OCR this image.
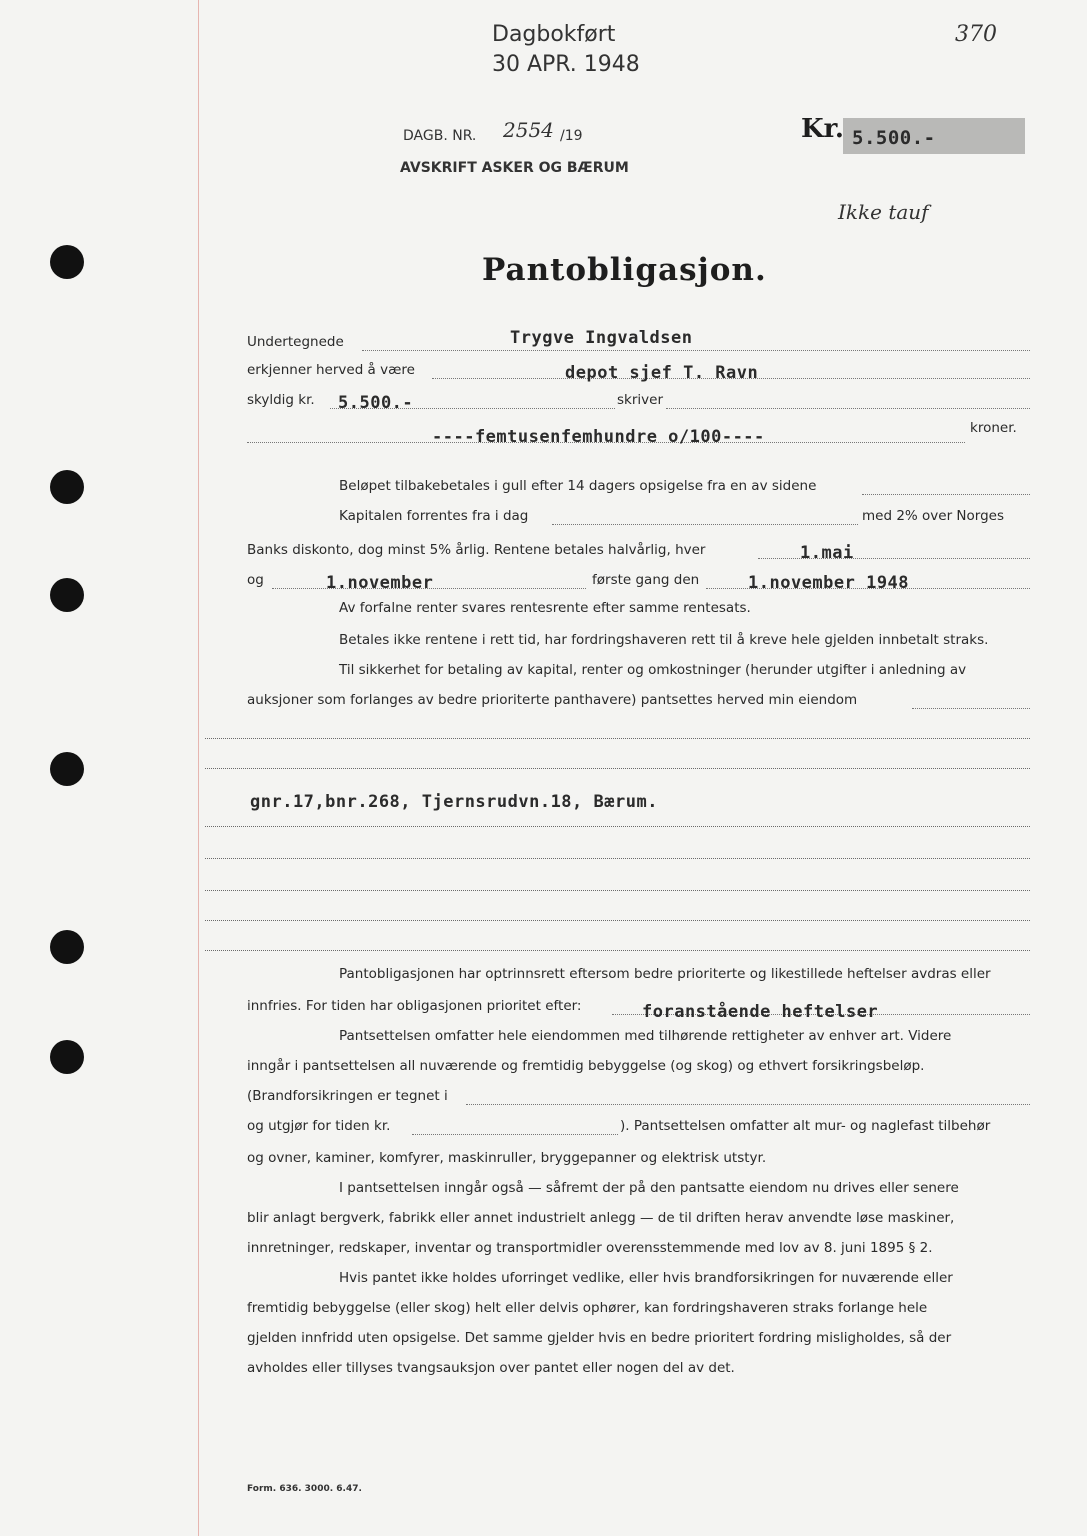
Dagbokført
30 APR. 1948
370
DAGB. NR. 2554 /19
AVSKRIFT ASKER OG BÆRUM
Kr. 5.500.-
Ikke tauf
Pantobligasjon.
Undertegnede	Trygve Ingvaldsen
erkjenner herved å være	depot sjef T. Ravn
skyldig kr. 5.500.-	skriver
----femtusenfemhundre o/100----	kroner.
Beløpet tilbakebetales i gull efter 14 dagers opsigelse fra en av sidene
Kapitalen forrentes fra i dag	med 2% over Norges
Banks diskonto, dog minst 5% årlig. Rentene betales halvårlig, hver	1.mai
og	1.november	første gang den	1.november 1948
Av forfalne renter svares rentesrente efter samme rentesats.
Betales ikke rentene i rett tid, har fordringshaveren rett til å kreve hele gjelden innbetalt straks.
Til sikkerhet for betaling av kapital, renter og omkostninger (herunder utgifter i anledning av
auksjoner som forlanges av bedre prioriterte panthavere) pantsettes herved min eiendom
gnr.17,bnr.268, Tjernsrudvn.18, Bærum.
Pantobligasjonen har optrinnsrett eftersom bedre prioriterte og likestillede heftelser avdras eller
innfries. For tiden har obligasjonen prioritet efter:	foranstående heftelser
Pantsettelsen omfatter hele eiendommen med tilhørende rettigheter av enhver art. Videre
inngår i pantsettelsen all nuværende og fremtidig bebyggelse (og skog) og ethvert forsikringsbeløp.
(Brandforsikringen er tegnet i
og utgjør for tiden kr.	). Pantsettelsen omfatter alt mur- og naglefast tilbehør
og ovner, kaminer, komfyrer, maskinruller, bryggepanner og elektrisk utstyr.
I pantsettelsen inngår også — såfremt der på den pantsatte eiendom nu drives eller senere
blir anlagt bergverk, fabrikk eller annet industrielt anlegg — de til driften herav anvendte løse maskiner,
innretninger, redskaper, inventar og transportmidler overensstemmende med lov av 8. juni 1895 § 2.
Hvis pantet ikke holdes uforringet vedlike, eller hvis brandforsikringen for nuværende eller
fremtidig bebyggelse (eller skog) helt eller delvis ophører, kan fordringshaveren straks forlange hele
gjelden innfridd uten opsigelse. Det samme gjelder hvis en bedre prioritert fordring misligholdes, så der
avholdes eller tillyses tvangsauksjon over pantet eller nogen del av det.
Form. 636. 3000. 6.47.
